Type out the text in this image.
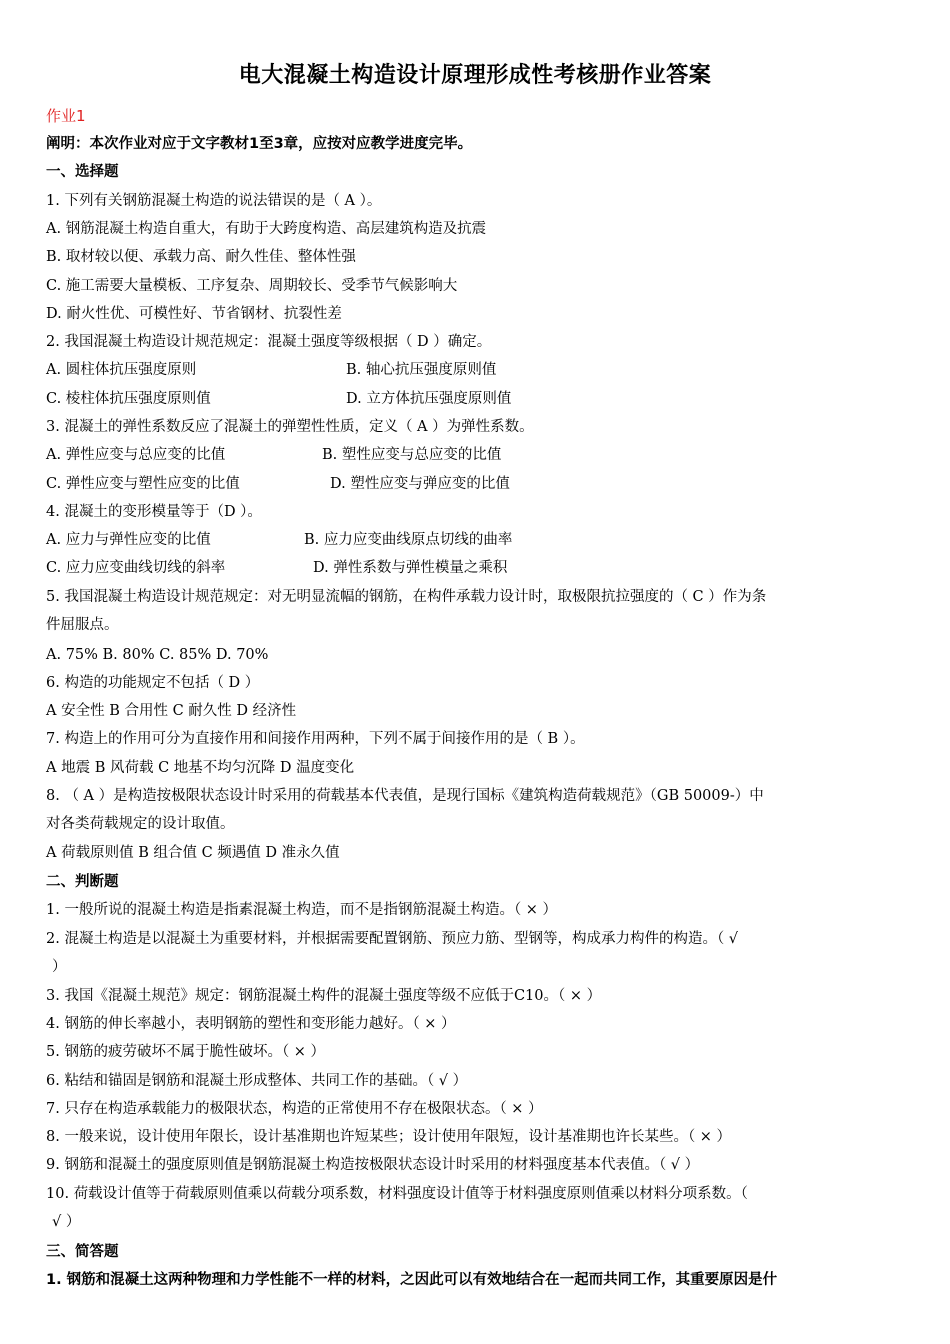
电大混凝土构造设计原理形成性考核册作业答案
作业1
阐明：本次作业对应于文字教材1至3章，应按对应教学进度完毕。
一、选择题
1. 下列有关钢筋混凝土构造的说法错误的是（ A ）。
A. 钢筋混凝土构造自重大，有助于大跨度构造、高层建筑构造及抗震
B. 取材较以便、承载力高、耐久性佳、整体性强
C. 施工需要大量模板、工序复杂、周期较长、受季节气候影响大
D. 耐火性优、可模性好、节省钢材、抗裂性差
2. 我国混凝土构造设计规范规定：混凝土强度等级根据（ D ）确定。
A. 圆柱体抗压强度原则	B. 轴心抗压强度原则值
C. 棱柱体抗压强度原则值	D. 立方体抗压强度原则值
3. 混凝土的弹性系数反应了混凝土的弹塑性性质，定义（ A ）为弹性系数。
A. 弹性应变与总应变的比值	B. 塑性应变与总应变的比值
C. 弹性应变与塑性应变的比值	D. 塑性应变与弹应变的比值
4. 混凝土的变形模量等于（D ）。
A. 应力与弹性应变的比值	B. 应力应变曲线原点切线的曲率
C. 应力应变曲线切线的斜率	D. 弹性系数与弹性模量之乘积
5. 我国混凝土构造设计规范规定：对无明显流幅的钢筋，在构件承载力设计时，取极限抗拉强度的（ C ）作为条
件屈服点。
A. 75% B. 80% C. 85% D. 70%
6. 构造的功能规定不包括（ D ）
A 安全性 B 合用性 C 耐久性 D 经济性
7. 构造上的作用可分为直接作用和间接作用两种，下列不属于间接作用的是（ B ）。
A 地震 B 风荷载 C 地基不均匀沉降 D 温度变化
8. （ A ）是构造按极限状态设计时采用的荷载基本代表值，是现行国标《建筑构造荷载规范》（GB 50009-）中
对各类荷载规定的设计取值。
A 荷载原则值 B 组合值 C 频遇值 D 准永久值
二、判断题
1. 一般所说的混凝土构造是指素混凝土构造，而不是指钢筋混凝土构造。（ × ）
2. 混凝土构造是以混凝土为重要材料，并根据需要配置钢筋、预应力筋、型钢等，构成承力构件的构造。（ √
）
3. 我国《混凝土规范》规定：钢筋混凝土构件的混凝土强度等级不应低于C10。（ × ）
4. 钢筋的伸长率越小，表明钢筋的塑性和变形能力越好。（ × ）
5. 钢筋的疲劳破坏不属于脆性破坏。（ × ）
6. 粘结和锚固是钢筋和混凝土形成整体、共同工作的基础。（ √ ）
7. 只存在构造承载能力的极限状态，构造的正常使用不存在极限状态。（ × ）
8. 一般来说，设计使用年限长，设计基准期也许短某些；设计使用年限短，设计基准期也许长某些。（ × ）
9. 钢筋和混凝土的强度原则值是钢筋混凝土构造按极限状态设计时采用的材料强度基本代表值。（ √ ）
10. 荷载设计值等于荷载原则值乘以荷载分项系数，材料强度设计值等于材料强度原则值乘以材料分项系数。（
√ ）
三、简答题
1. 钢筋和混凝土这两种物理和力学性能不一样的材料，之因此可以有效地结合在一起而共同工作，其重要原因是什
